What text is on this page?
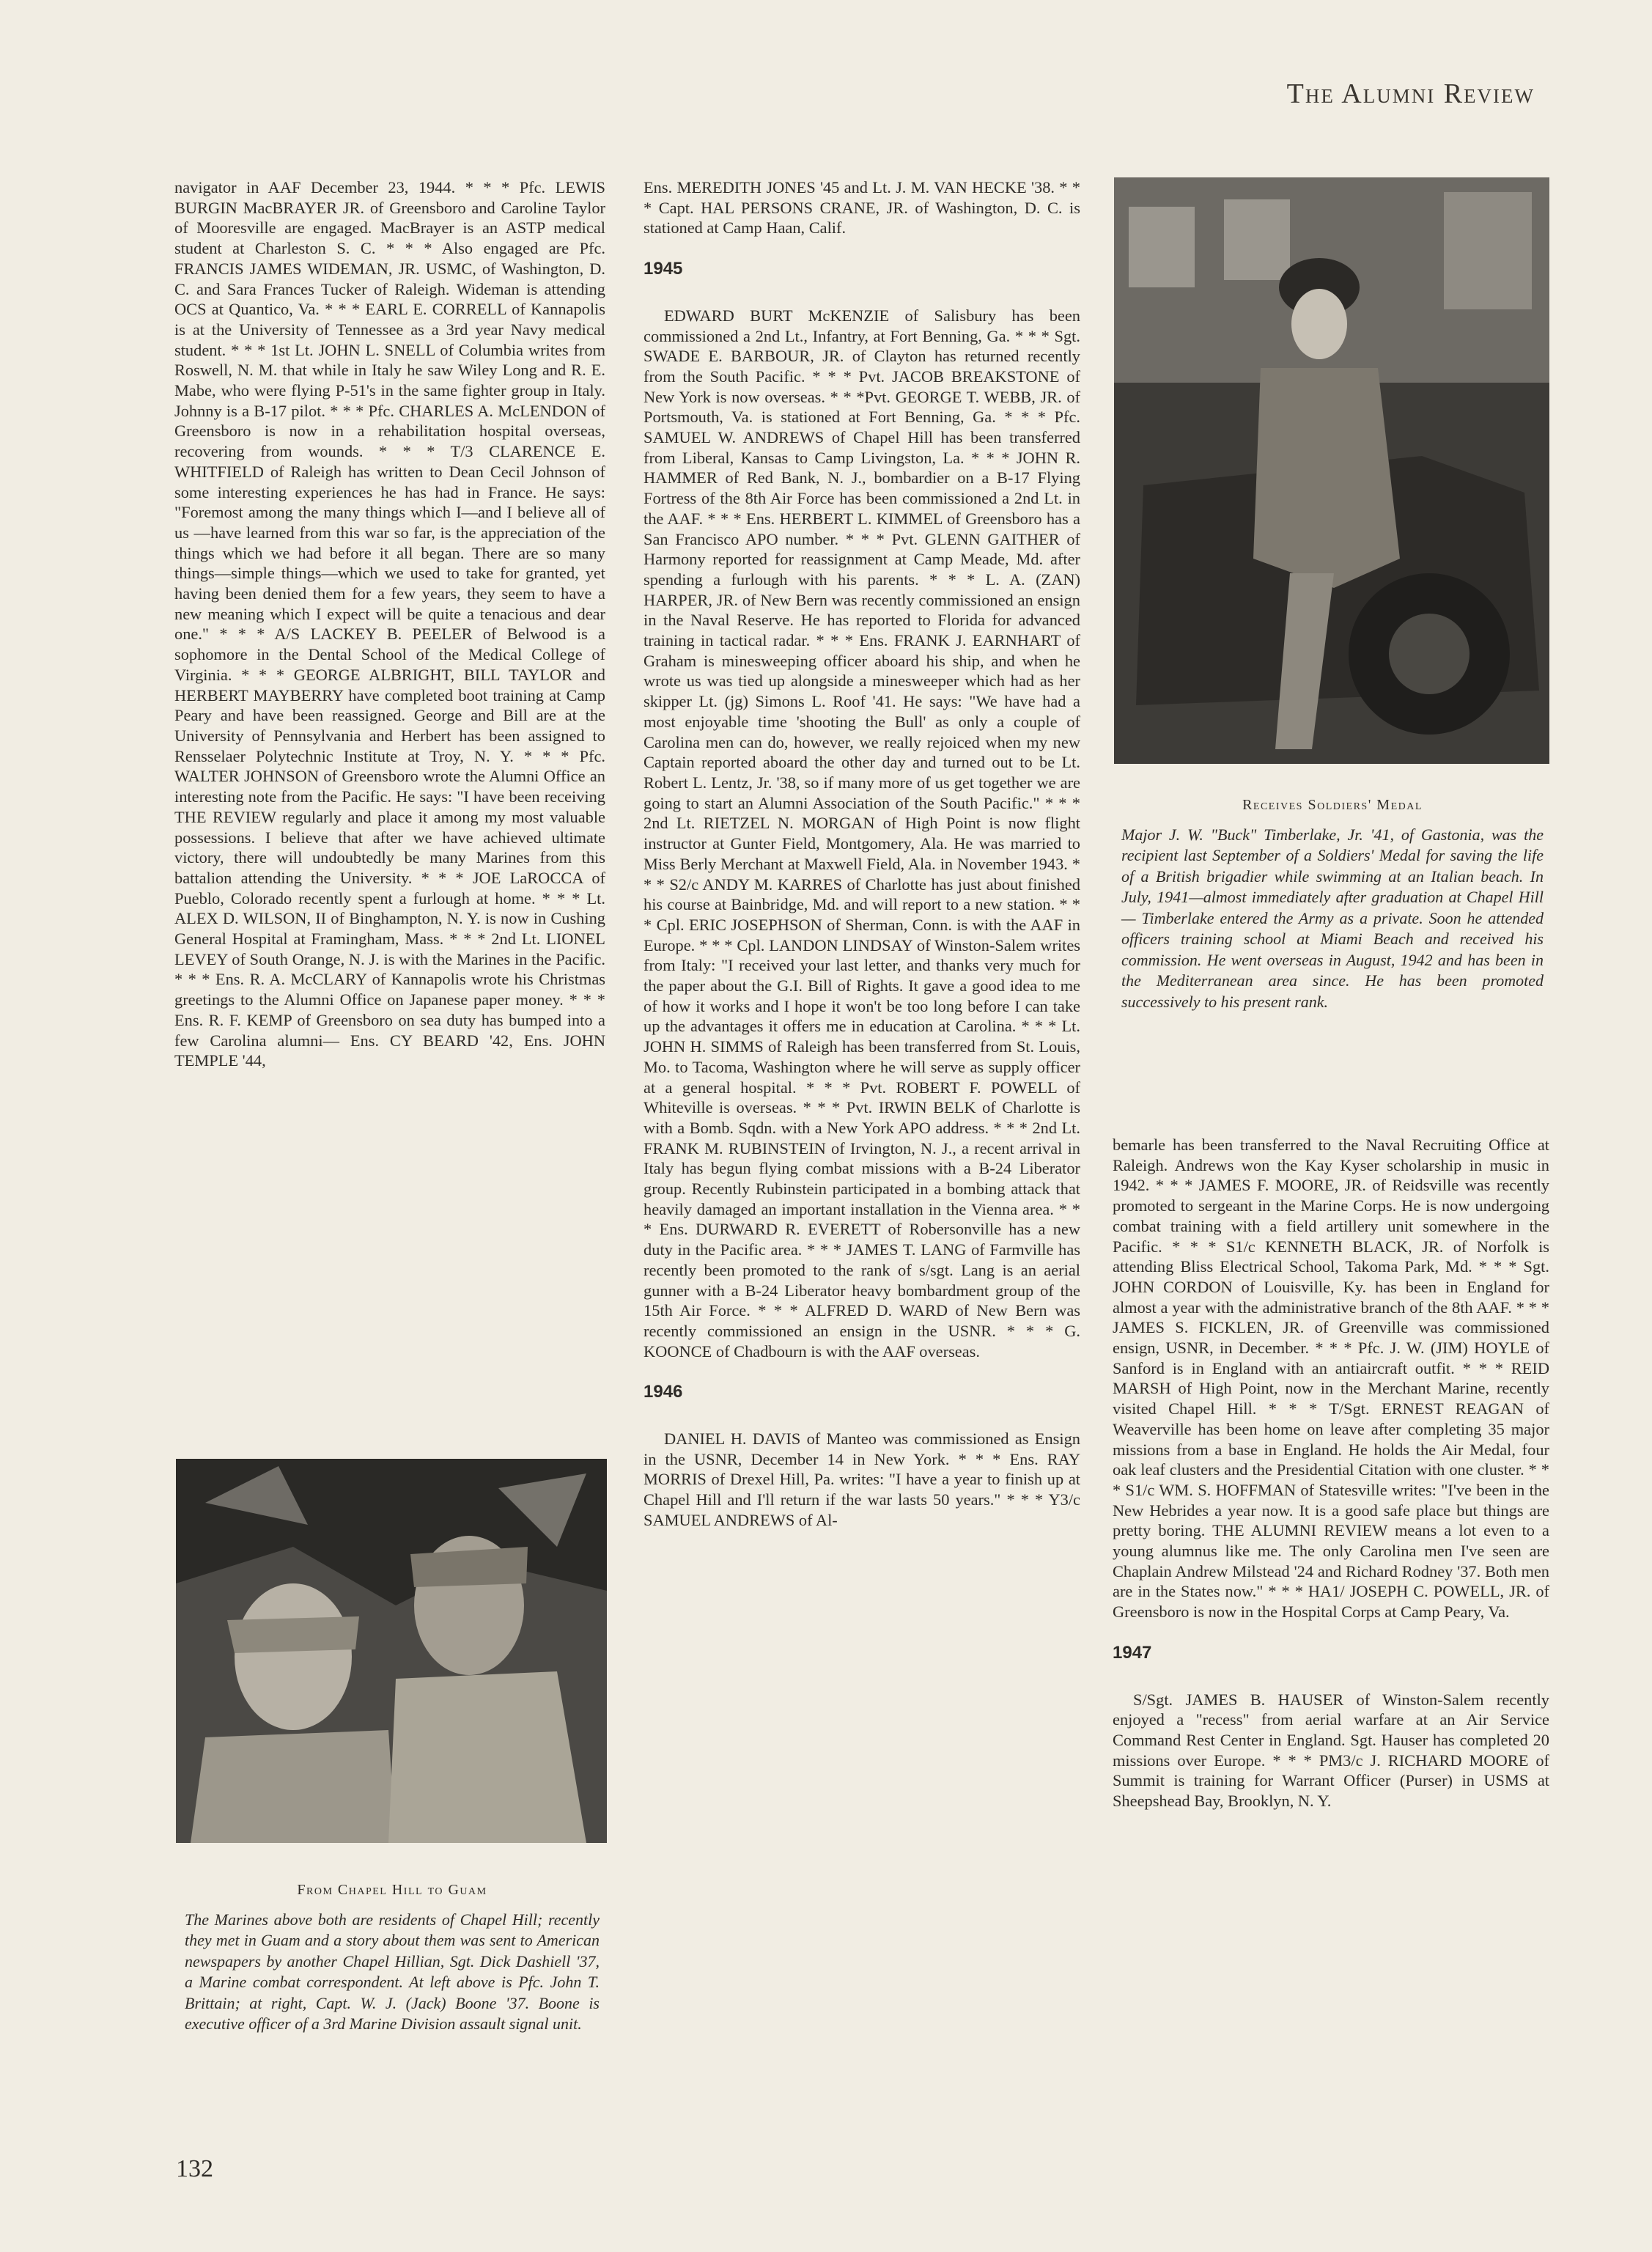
The Alumni Review

navigator in AAF December 23, 1944. * * * Pfc. LEWIS BURGIN MacBRAYER JR. of Greensboro and Caroline Taylor of Mooresville are engaged. MacBrayer is an ASTP medical student at Charleston S. C. * * * Also engaged are Pfc. FRANCIS JAMES WIDEMAN, JR. USMC, of Washington, D. C. and Sara Frances Tucker of Raleigh. Wideman is attending OCS at Quantico, Va. * * * EARL E. CORRELL of Kannapolis is at the University of Tennessee as a 3rd year Navy medical student. * * * 1st Lt. JOHN L. SNELL of Columbia writes from Roswell, N. M. that while in Italy he saw Wiley Long and R. E. Mabe, who were flying P-51's in the same fighter group in Italy. Johnny is a B-17 pilot. * * * Pfc. CHARLES A. McLENDON of Greensboro is now in a rehabilitation hospital overseas, recovering from wounds. * * * T/3 CLARENCE E. WHITFIELD of Raleigh has written to Dean Cecil Johnson of some interesting experiences he has had in France. He says: "Foremost among the many things which I—and I believe all of us —have learned from this war so far, is the appreciation of the things which we had before it all began. There are so many things—simple things—which we used to take for granted, yet having been denied them for a few years, they seem to have a new meaning which I expect will be quite a tenacious and dear one." * * * A/S LACKEY B. PEELER of Belwood is a sophomore in the Dental School of the Medical College of Virginia. * * * GEORGE ALBRIGHT, BILL TAYLOR and HERBERT MAYBERRY have completed boot training at Camp Peary and have been reassigned. George and Bill are at the University of Pennsylvania and Herbert has been assigned to Rensselaer Polytechnic Institute at Troy, N. Y. * * * Pfc. WALTER JOHNSON of Greensboro wrote the Alumni Office an interesting note from the Pacific. He says: "I have been receiving THE REVIEW regularly and place it among my most valuable possessions. I believe that after we have achieved ultimate victory, there will undoubtedly be many Marines from this battalion attending the University. * * * JOE LaROCCA of Pueblo, Colorado recently spent a furlough at home. * * * Lt. ALEX D. WILSON, II of Binghampton, N. Y. is now in Cushing General Hospital at Framingham, Mass. * * * 2nd Lt. LIONEL LEVEY of South Orange, N. J. is with the Marines in the Pacific. * * * Ens. R. A. McCLARY of Kannapolis wrote his Christmas greetings to the Alumni Office on Japanese paper money. * * * Ens. R. F. KEMP of Greensboro on sea duty has bumped into a few Carolina alumni— Ens. CY BEARD '42, Ens. JOHN TEMPLE '44,

Ens. MEREDITH JONES '45 and Lt. J. M. VAN HECKE '38. * * * Capt. HAL PERSONS CRANE, JR. of Washington, D. C. is stationed at Camp Haan, Calif.

1945

EDWARD BURT McKENZIE of Salisbury has been commissioned a 2nd Lt., Infantry, at Fort Benning, Ga. * * * Sgt. SWADE E. BARBOUR, JR. of Clayton has returned recently from the South Pacific. * * * Pvt. JACOB BREAKSTONE of New York is now overseas. * * *Pvt. GEORGE T. WEBB, JR. of Portsmouth, Va. is stationed at Fort Benning, Ga. * * * Pfc. SAMUEL W. ANDREWS of Chapel Hill has been transferred from Liberal, Kansas to Camp Livingston, La. * * * JOHN R. HAMMER of Red Bank, N. J., bombardier on a B-17 Flying Fortress of the 8th Air Force has been commissioned a 2nd Lt. in the AAF. * * * Ens. HERBERT L. KIMMEL of Greensboro has a San Francisco APO number. * * * Pvt. GLENN GAITHER of Harmony reported for reassignment at Camp Meade, Md. after spending a furlough with his parents. * * * L. A. (ZAN) HARPER, JR. of New Bern was recently commissioned an ensign in the Naval Reserve. He has reported to Florida for advanced training in tactical radar. * * * Ens. FRANK J. EARNHART of Graham is minesweeping officer aboard his ship, and when he wrote us was tied up alongside a minesweeper which had as her skipper Lt. (jg) Simons L. Roof '41. He says: "We have had a most enjoyable time 'shooting the Bull' as only a couple of Carolina men can do, however, we really rejoiced when my new Captain reported aboard the other day and turned out to be Lt. Robert L. Lentz, Jr. '38, so if many more of us get together we are going to start an Alumni Association of the South Pacific." * * * 2nd Lt. RIETZEL N. MORGAN of High Point is now flight instructor at Gunter Field, Montgomery, Ala. He was married to Miss Berly Merchant at Maxwell Field, Ala. in November 1943. * * * S2/c ANDY M. KARRES of Charlotte has just about finished his course at Bainbridge, Md. and will report to a new station. * * * Cpl. ERIC JOSEPHSON of Sherman, Conn. is with the AAF in Europe. * * * Cpl. LANDON LINDSAY of Winston-Salem writes from Italy: "I received your last letter, and thanks very much for the paper about the G.I. Bill of Rights. It gave a good idea to me of how it works and I hope it won't be too long before I can take up the advantages it offers me in education at Carolina. * * * Lt. JOHN H. SIMMS of Raleigh has been transferred from St. Louis, Mo. to Tacoma, Washington where he will serve as supply officer at a general hospital. * * * Pvt. ROBERT F. POWELL of Whiteville is overseas. * * * Pvt. IRWIN BELK of Charlotte is with a Bomb. Sqdn. with a New York APO address. * * * 2nd Lt. FRANK M. RUBINSTEIN of Irvington, N. J., a recent arrival in Italy has begun flying combat missions with a B-24 Liberator group. Recently Rubinstein participated in a bombing attack that heavily damaged an important installation in the Vienna area. * * * Ens. DURWARD R. EVERETT of Robersonville has a new duty in the Pacific area. * * * JAMES T. LANG of Farmville has recently been promoted to the rank of s/sgt. Lang is an aerial gunner with a B-24 Liberator heavy bombardment group of the 15th Air Force. * * * ALFRED D. WARD of New Bern was recently commissioned an ensign in the USNR. * * * G. KOONCE of Chadbourn is with the AAF overseas.

1946

DANIEL H. DAVIS of Manteo was commissioned as Ensign in the USNR, December 14 in New York. * * * Ens. RAY MORRIS of Drexel Hill, Pa. writes: "I have a year to finish up at Chapel Hill and I'll return if the war lasts 50 years." * * * Y3/c SAMUEL ANDREWS of Al-

Receives Soldiers' Medal
Major J. W. "Buck" Timberlake, Jr. '41, of Gastonia, was the recipient last September of a Soldiers' Medal for saving the life of a British brigadier while swimming at an Italian beach. In July, 1941—almost immediately after graduation at Chapel Hill — Timberlake entered the Army as a private. Soon he attended officers training school at Miami Beach and received his commission. He went overseas in August, 1942 and has been in the Mediterranean area since. He has been promoted successively to his present rank.

bemarle has been transferred to the Naval Recruiting Office at Raleigh. Andrews won the Kay Kyser scholarship in music in 1942. * * * JAMES F. MOORE, JR. of Reidsville was recently promoted to sergeant in the Marine Corps. He is now undergoing combat training with a field artillery unit somewhere in the Pacific. * * * S1/c KENNETH BLACK, JR. of Norfolk is attending Bliss Electrical School, Takoma Park, Md. * * * Sgt. JOHN CORDON of Louisville, Ky. has been in England for almost a year with the administrative branch of the 8th AAF. * * * JAMES S. FICKLEN, JR. of Greenville was commissioned ensign, USNR, in December. * * * Pfc. J. W. (JIM) HOYLE of Sanford is in England with an antiaircraft outfit. * * * REID MARSH of High Point, now in the Merchant Marine, recently visited Chapel Hill. * * * T/Sgt. ERNEST REAGAN of Weaverville has been home on leave after completing 35 major missions from a base in England. He holds the Air Medal, four oak leaf clusters and the Presidential Citation with one cluster. * * * S1/c WM. S. HOFFMAN of Statesville writes: "I've been in the New Hebrides a year now. It is a good safe place but things are pretty boring. THE ALUMNI REVIEW means a lot even to a young alumnus like me. The only Carolina men I've seen are Chaplain Andrew Milstead '24 and Richard Rodney '37. Both men are in the States now." * * * HA1/ JOSEPH C. POWELL, JR. of Greensboro is now in the Hospital Corps at Camp Peary, Va.

1947

S/Sgt. JAMES B. HAUSER of Winston-Salem recently enjoyed a "recess" from aerial warfare at an Air Service Command Rest Center in England. Sgt. Hauser has completed 20 missions over Europe. * * * PM3/c J. RICHARD MOORE of Summit is training for Warrant Officer (Purser) in USMS at Sheepshead Bay, Brooklyn, N. Y.

From Chapel Hill to Guam
The Marines above both are residents of Chapel Hill; recently they met in Guam and a story about them was sent to American newspapers by another Chapel Hillian, Sgt. Dick Dashiell '37, a Marine combat correspondent. At left above is Pfc. John T. Brittain; at right, Capt. W. J. (Jack) Boone '37. Boone is executive officer of a 3rd Marine Division assault signal unit.
132
